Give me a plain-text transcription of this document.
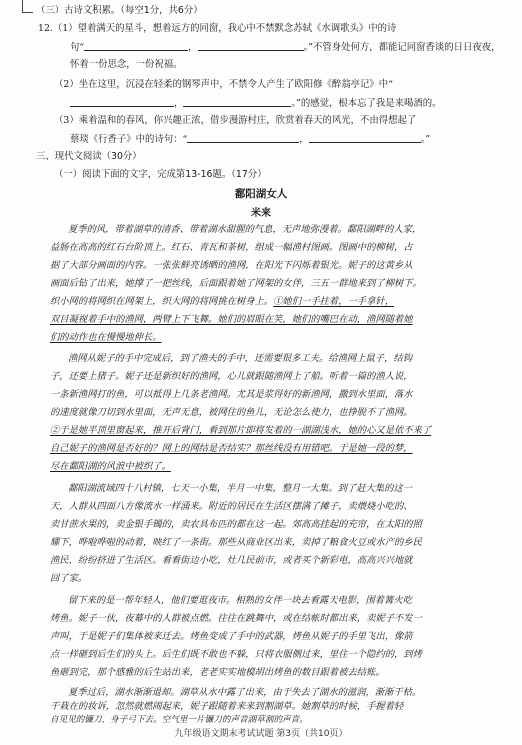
（三）古诗文积累。（每空1分，共6分）
12.（1）望着满天的星斗，想着远方的同窗，我心中不禁默念苏轼《水调歌头》中的诗
句“	，	。”不管身处何方，都能记同窗香谈的日日夜夜，
怀着一份思念，一份祝福。
（2）坐在这里，沉浸在轻柔的钢琴声中，不禁令人产生了欧阳修《醉翁亭记》中“
，	。”的感觉，根本忘了我是来喝酒的。
（3）乘着温和的春风，你兴趣正浓，借步漫游村庄，欣赏着春天的风光，不由得想起了
蔡琰《行香子》中的诗句：“	，	。”
三、现代文阅读（30分）
（一）阅读下面的文字，完成第13-16题。（17分）
鄱阳湖女人
米来
夏季的风，带着湖草的清香、带着湖水甜腥的气息，无声地弥漫着。鄱阳湖畔的人家，
益肠在高高的红石台阶顶上。红石、青瓦和茶树，组成一幅渔村图画。图画中的柳树，占
据了大部分画面的内容。一张张鲜亮诱晒的渔网，在阳光下闪烁着银光。妮子的这黄乡从
画面后钻了出来，她撑了一把丝线，后面跟着她了网架的女伴，三五一群地来到了柳树下。
织小网的将网织在网架上，织大网的将网挑在树身上。①她们一手拄着，一手拿针，
双目凝视着手中的渔网，两臂上下飞舞。她们的眉眼在笑，她们的嘴巴在动，渔网随着她
们的动作也在慢慢地伸长。
渔网从妮子的手中完成后，到了渔夫的手中，还需要很多工夫。给渔网上鼠子，结钩
子，还要上猪子。妮子还是新织好的渔网，心儿就跟随渔网上了船。听着一篇的渔人说，
一条新渔网打的鱼，可以抵得上几条老渔网。尤其是浆得好的新渔网，撒到水里面，落水
的速度就像刀切到水里面，无声无息，被网住的鱼儿，无论怎么使力，也挣脱不了渔网。
②于是她平顶里窗起来，推开后背门，看到那片即将发着的一湖湖浅水，她的心又是依不来了
自己妮子的渔网是否好的？网上的网结是否结实？那丝线没有用错吧。于是她一段的梦，
尽在鄱阳湖的风浪中被织了。
鄱阳湖流域四十八村镇，七天一小集，半月一中集，整月一大集。到了赶大集的这一
天，人群从四面八方像流水一样涌来。附近的居民在生活区摆满了摊子，卖煨烧小吃的、
卖甘蔗水果的，卖金银手镯的，卖农具布匹的都在这一起。郊高高挂起的充帘，在太阳的照
耀下，哗啦哗啦的动着，映红了一条街。那些从商业区出来，卖掉了粮食火豆或水产的乡民
渔民，纷纷挤进了生活区。看看街边小吃，灶几民前市，或者买个新彩电，高高兴兴地就
回了家。
留下来的是一帮年轻人，他们要逛夜市。相熟的女伴一块去看露天电影，围着篝火吃
烤鱼。妮子一伙，夜幕中的人群被点燃。往往在跳舞中，或在结帐时都出来，卖妮子不发一
声叫，于是妮子们集体被来迁去。烤鱼变成了手中的武器，烤鱼从妮子的手里飞出，像箭
点一样砸到后生们的头上。后生们既不敢也不躲，只将衣服侧过来，里住一个隐约的，到烤
鱼砸到完，那个感雅的后生站出来，老老实实地模胡出烤鱼的数目跟着被去结账。
夏季过后，湖水渐渐退却。湖草从水中露了出来，由于失去了湖水的滋润，渐渐干枯。
干栽在的妆诉，忽然就燃闹起来，妮子跟随着来来到割湖草。她割草的时候，手握着轻
自见见的镰刀，身子弓下去。空气里一片镰刀的声音湖草割的声音。
九年级语文期末考试试题 第3页（共10页）
